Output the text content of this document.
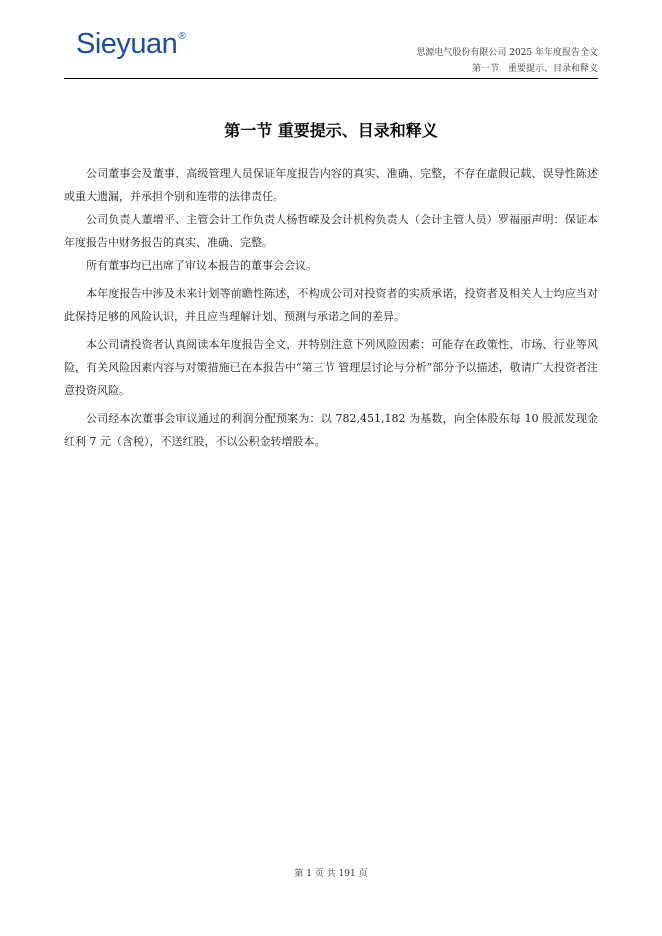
Sieyuan®
思源电气股份有限公司 2025 年年度报告全文
第一节　重要提示、目录和释义
第一节 重要提示、目录和释义

公司董事会及董事、高级管理人员保证年度报告内容的真实、准确、完整，不存在虚假记载、误导性陈述或重大遗漏，并承担个别和连带的法律责任。

公司负责人董增平、主管会计工作负责人杨哲嵘及会计机构负责人（会计主管人员）罗福丽声明：保证本年度报告中财务报告的真实、准确、完整。

所有董事均已出席了审议本报告的董事会会议。

本年度报告中涉及未来计划等前瞻性陈述，不构成公司对投资者的实质承诺，投资者及相关人士均应当对此保持足够的风险认识，并且应当理解计划、预测与承诺之间的差异。

本公司请投资者认真阅读本年度报告全文，并特别注意下列风险因素：可能存在政策性、市场、行业等风险，有关风险因素内容与对策措施已在本报告中“第三节 管理层讨论与分析”部分予以描述，敬请广大投资者注意投资风险。

公司经本次董事会审议通过的利润分配预案为：以 782,451,182 为基数，向全体股东每 10 股派发现金红利 7 元（含税），不送红股，不以公积金转增股本。

第 1 页 共 191 页
